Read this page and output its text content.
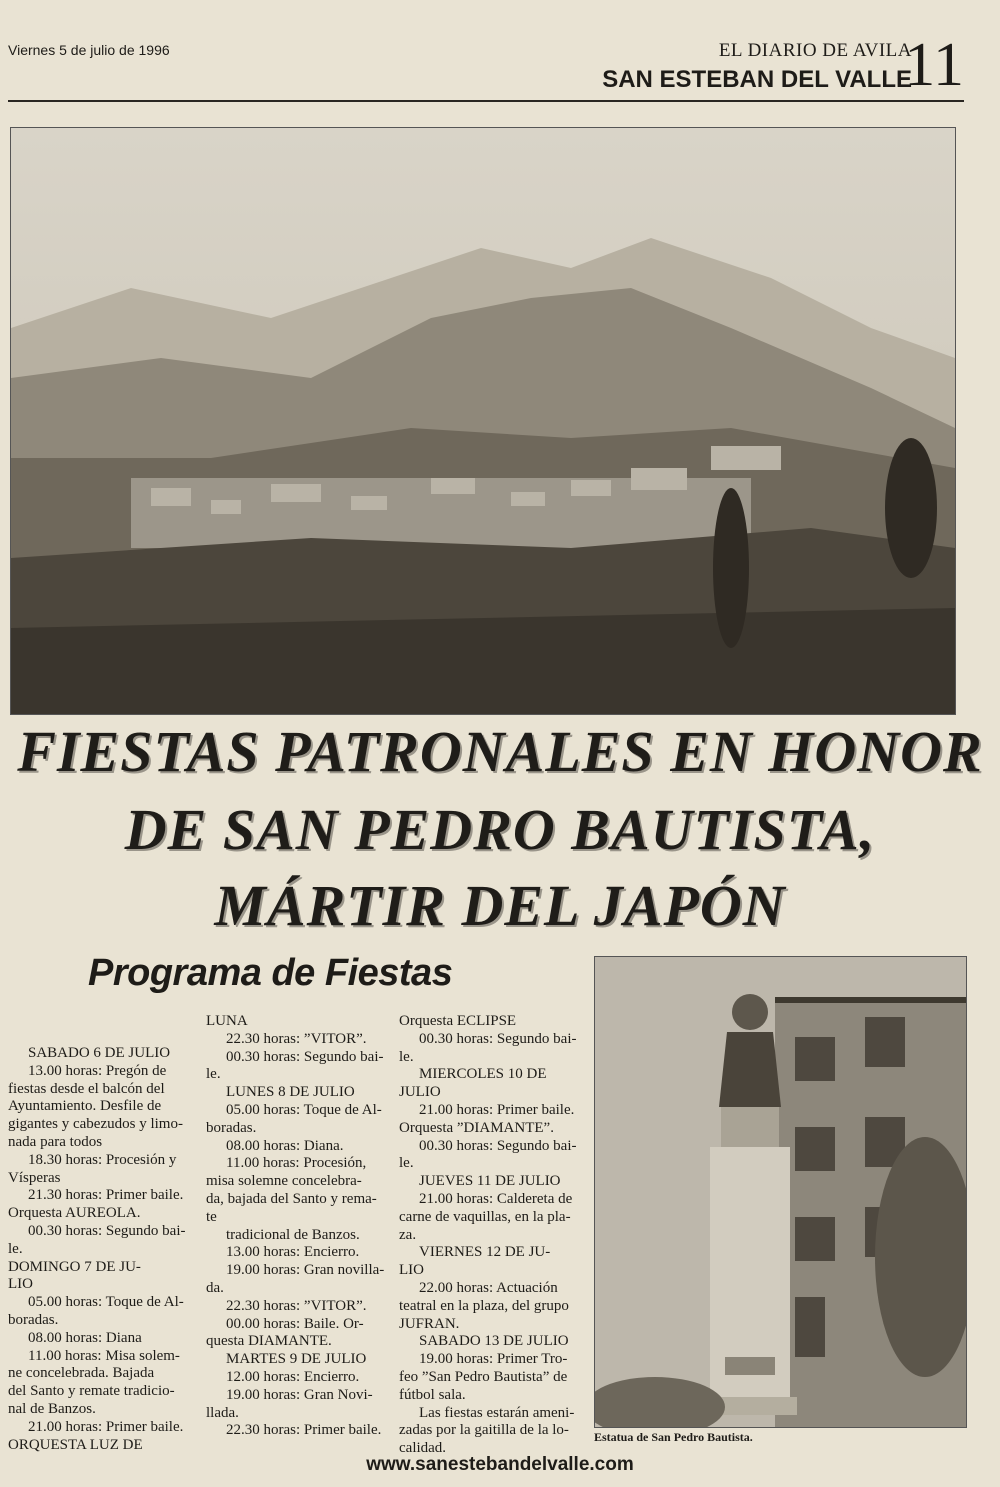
Viernes 5 de julio de 1996	EL DIARIO DE AVILA
SAN ESTEBAN DEL VALLE
11
FIESTAS PATRONALES EN HONOR
DE SAN PEDRO BAUTISTA,
MÁRTIR DEL JAPÓN
Programa de Fiestas
SABADO 6 DE JULIO
13.00 horas: Pregón de
fiestas desde el balcón del
Ayuntamiento. Desfile de
gigantes y cabezudos y limo-
nada para todos
18.30 horas: Procesión y
Vísperas
21.30 horas: Primer baile.
Orquesta AUREOLA.
00.30 horas: Segundo bai-
le.
DOMINGO 7 DE JU-
LIO
05.00 horas: Toque de Al-
boradas.
08.00 horas: Diana
11.00 horas: Misa solem-
ne concelebrada. Bajada
del Santo y remate tradicio-
nal de Banzos.
21.00 horas: Primer baile.
ORQUESTA LUZ DE
LUNA
22.30 horas: ”VITOR”.
00.30 horas: Segundo bai-
le.
LUNES 8 DE JULIO
05.00 horas: Toque de Al-
boradas.
08.00 horas: Diana.
11.00 horas: Procesión,
misa solemne concelebra-
da, bajada del Santo y rema-
te
tradicional de Banzos.
13.00 horas: Encierro.
19.00 horas: Gran novilla-
da.
22.30 horas: ”VITOR”.
00.00 horas: Baile. Or-
questa DIAMANTE.
MARTES 9 DE JULIO
12.00 horas: Encierro.
19.00 horas: Gran Novi-
llada.
22.30 horas: Primer baile.
Orquesta ECLIPSE
00.30 horas: Segundo bai-
le.
MIERCOLES 10 DE
JULIO
21.00 horas: Primer baile.
Orquesta ”DIAMANTE”.
00.30 horas: Segundo bai-
le.
JUEVES 11 DE JULIO
21.00 horas: Caldereta de
carne de vaquillas, en la pla-
za.
VIERNES 12 DE JU-
LIO
22.00 horas: Actuación
teatral en la plaza, del grupo
JUFRAN.
SABADO 13 DE JULIO
19.00 horas: Primer Tro-
feo ”San Pedro Bautista” de
fútbol sala.
Las fiestas estarán ameni-
zadas por la gaitilla de la lo-
calidad.
Estatua de San Pedro Bautista.
www.sanestebandelvalle.com
